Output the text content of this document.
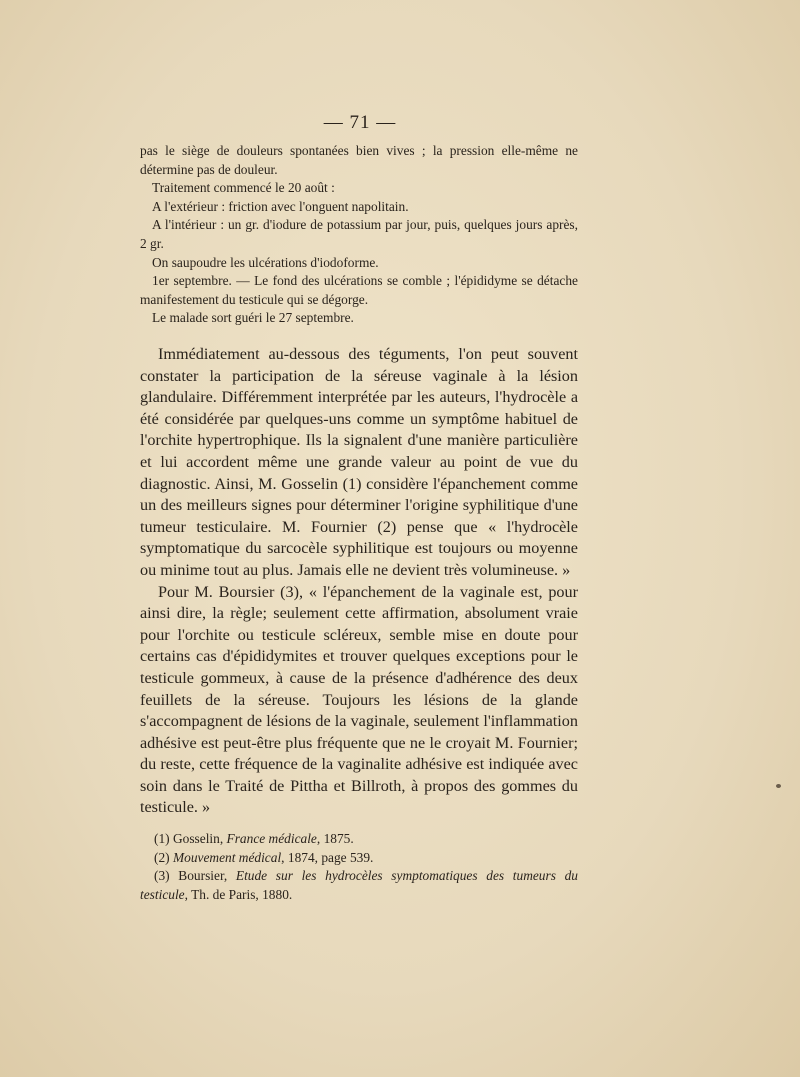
— 71 —

pas le siège de douleurs spontanées bien vives ; la pression elle-même ne détermine pas de douleur.

Traitement commencé le 20 août :

A l'extérieur : friction avec l'onguent napolitain.

A l'intérieur : un gr. d'iodure de potassium par jour, puis, quelques jours après, 2 gr.

On saupoudre les ulcérations d'iodoforme.

1er septembre. — Le fond des ulcérations se comble ; l'épididyme se détache manifestement du testicule qui se dégorge.

Le malade sort guéri le 27 septembre.

Immédiatement au-dessous des téguments, l'on peut souvent constater la participation de la séreuse vaginale à la lésion glandulaire. Différemment interprétée par les auteurs, l'hydrocèle a été considérée par quelques-uns comme un symptôme habituel de l'orchite hypertrophique. Ils la signalent d'une manière particulière et lui accordent même une grande valeur au point de vue du diagnostic. Ainsi, M. Gosselin (1) considère l'épanchement comme un des meilleurs signes pour déterminer l'origine syphilitique d'une tumeur testiculaire. M. Fournier (2) pense que « l'hydrocèle symptomatique du sarcocèle syphilitique est toujours ou moyenne ou minime tout au plus. Jamais elle ne devient très volumineuse. »

Pour M. Boursier (3), « l'épanchement de la vaginale est, pour ainsi dire, la règle; seulement cette affirmation, absolument vraie pour l'orchite ou testicule scléreux, semble mise en doute pour certains cas d'épididymites et trouver quelques exceptions pour le testicule gommeux, à cause de la présence d'adhérence des deux feuillets de la séreuse. Toujours les lésions de la glande s'accompagnent de lésions de la vaginale, seulement l'inflammation adhésive est peut-être plus fréquente que ne le croyait M. Fournier; du reste, cette fréquence de la vaginalite adhésive est indiquée avec soin dans le Traité de Pittha et Billroth, à propos des gommes du testicule. »

(1) Gosselin, France médicale, 1875.

(2) Mouvement médical, 1874, page 539.

(3) Boursier, Etude sur les hydrocèles symptomatiques des tumeurs du testicule, Th. de Paris, 1880.
